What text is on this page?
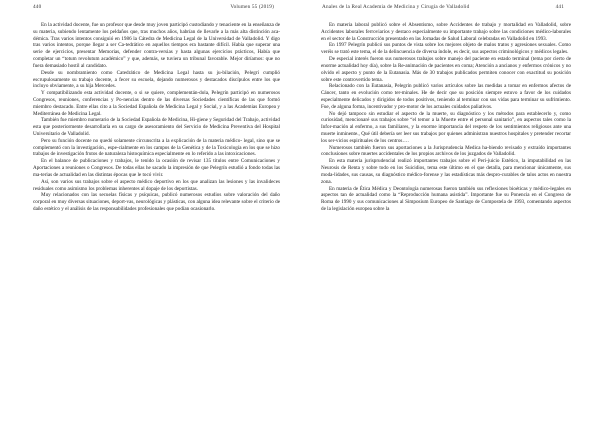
440	Volumen 55 (2019)

En la actividad docente, fue un profesor que desde muy joven participó custodiando y tenaciente en la enseñanza de su materia, subiendo lentamente los peldaños que, tras muchos años, habrían de llevarle a la más alta distinción aca-démica. Tras varios intentos consiguió en 1986 la Cátedra de Medicina Legal de la Universidad de Valladolid. Y digo tras varios intentos, porque llegar a ser Ca-tedrático en aquellos tiempos era bastante difícil. Había que superar una serie de ejercicios, presentar Memorias, defender contra-versias y hasta algunas ejercicios prácticos, Había que completar un “totum revolutum académico” y que, además, se tuviera un tribunal favorable. Mejor diríamos: que no fuera demasiado hostil al candidato.

Desde su nombramiento como Catedrático de Medicina Legal hasta su ju-bilación, Pelegrí cumplió escrupulosamente su trabajo docente, a fecer su escuela, dejando numerosos y destacados discípulos entre los que incluyo obviamente, a su hija Mercedes.

Y compatibilizando esta actividad docente, o si se quiere, complementán-dola, Pelegrín participó en numerosos Congresos, reuniones, conferencias y Po-nencias dentro de las diversas Sociedades científicas de las que formó miembro destacado. Entre ellas cito a la Sociedad Española de Medicina Legal y Social, y a las Academias Europea y Mediterránea de Medicina Legal.

También fue miembro numerario de la Sociedad Española de Medicina, Hi-giene y Seguridad del Trabajo, actividad esta que posteriormente desarrollaría en su cargo de asesoramiento del Servicio de Medicina Preventiva del Hospital Universitario de Valladolid.

Pero su función docente no quedó solamente circunscrita a la explicación de la materia médico- legal, sino que se complementó con la investigación., espe-cialmente en los campos de la Genética y de la Toxicología en los que se hizo trabajos de investigación frutos de naturaleza histoquímica especialmente en lo referido a las intoxicaciones.

En el balance de publicaciones y trabajos, le tenido la ocasión de revisar 135 títulos entre Comunicaciones y Aportaciones a reuniones o Congresos. De todas ellas he sacado la impresión de que Pelegrín estudió a fondo todas las ma-terias de actualidad en las distintas épocas que le tocó vivir.

Así, son varios sus trabajos sobre el aspecto médico deportivo en los que analizan las lesiones y las invalideces residuales como asimismo los problemas inherentes al dopaje de los deportistas.

Muy relacionados con las secuelas físicas y psíquicas, publicó numerosos estudios sobre valoración del daño corporal en muy diversas situaciones, deport-vas, neurológicas y plásticas, con alguna idea relevante sobre el criterio de daño estético y el análisis de las responsabilidades profesionales que podían ocasionarlo.

Anales de la Real Academia de Medicina y Cirugía de Valladolid	441

En materia laboral publicó sobre el Absentismo, sobre Accidentes de trabajo y mortalidad en Valladolid, sobre Accidentes laborales ferroviarios y destaco especialmente su importante trabajo sobre las condiciones médico-laborales en el sector de la Construcción presentado en las Jornadas de Salud Laboral celebradas en Valladolid en 1993.

En 1997 Pelegrín publicó sus puntos de vista sobre los mejores objeto de malos tratos y agresiones sexuales. Como veréis se trató este tema, el de la delincuencia de diversa índole, es decir, sus aspectos criminológicos y médicos legales.

De especial interés fueron sus numerosos trabajos sobre manejo del paciente en estado terminal (tema por cierto de enorme actualidad hoy día), sobre la Re-animación de pacientes en coma; Atención a ancianos y enfermos crónicos y no olvido el aspecto y punto de la Eutanasia. Más de 30 trabajos publicados permiten conocer con exactitud su posición sobre este controvertido tema.

Relacionado con la Eutanasia, Pelegrín publicó varios artículos sobre las medidas a tomar en enfermos afectos de Cáncer, tanto en evolución como ter-minales. He de decir que su posición siempre estuvo a favor de los cuidados especialmente delicados y dirigidos de todos positivos, teniendo al terminar con sus vidas para terminar su sufrimiento. Fue, de alguna forma, incentivador y pro-motor de los actuales cuidados paliativos.

No dejó tampoco sin estudiar el aspecto de la muerte, su diagnóstico y los métodos para establecerlo y, como curiosidad, mencionaré sus trabajos sobre “el temor a la Muerte entre el personal sanitario”, en aspectos tales como la Infor-mación al enfermo, a sus familiares, y la enorme importancia del respeto de los sentimientos religiosos ante una muerte inminente., Qué útil debería ser leer sus trabajos por quienes administran nuestros hospitales y pretender recortar los ser-vicios espirituales de los centros….

Numerosos también fueron sus aportaciones a la Jurisprudencia Medica ha-biendo revisado y extraído importantes conclusiones sobre muertes accidentales de los propios archivos de los juzgados de Valladolid.

En esta materia jurisprudencial realizó importantes trabajos sobre el Peri-juicio Estético, la imputabilidad en las Neurosis de Renta y sobre todo en los Suicidios, tema este último en el que detalla, para mencionar únicamente, sus moda-lidades, sus causas, su diagnóstico médico-forense y las estadísticas más despro-curables de talos actos en nuestra zona.

En materia de Ética Médica y Deontología numerosas fueron también sus reflexiones bioéticas y médico-legales en aspectos tan de actualidad como la “Reproducción humana asistida”. Importante fue su Ponencia en el Congreso de Roma de 1990 y sus comunicaciones al Simposium Europeo de Santiago de Compostela de 1993, comentando aspectos de la legislación europea sobre la
